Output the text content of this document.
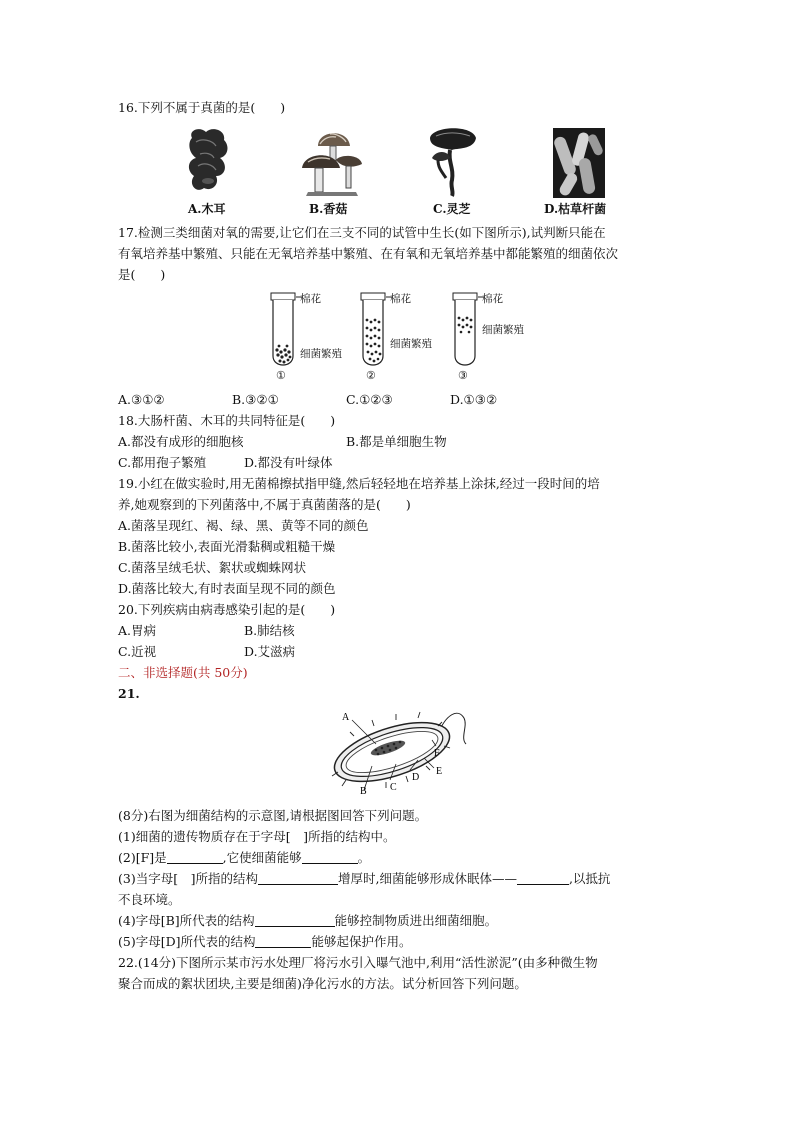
16.下列不属于真菌的是(　　)
A.木耳	B.香菇	C.灵芝	D.枯草杆菌
17.检测三类细菌对氧的需要,让它们在三支不同的试管中生长(如下图所示),试判断只能在
有氧培养基中繁殖、只能在无氧培养基中繁殖、在有氧和无氧培养基中都能繁殖的细菌依次
是(　　)
棉花
细菌繁殖
①
棉花
细菌繁殖
②
棉花
细菌繁殖
③
A.③①②	B.③②①	C.①②③	D.①③②
18.大肠杆菌、木耳的共同特征是(　　)
A.都没有成形的细胞核	B.都是单细胞生物
C.都用孢子繁殖	D.都没有叶绿体
19.小红在做实验时,用无菌棉擦拭指甲缝,然后轻轻地在培养基上涂抹,经过一段时间的培
养,她观察到的下列菌落中,不属于真菌菌落的是(　　)
A.菌落呈现红、褐、绿、黑、黄等不同的颜色
B.菌落比较小,表面光滑黏稠或粗糙干燥
C.菌落呈绒毛状、絮状或蜘蛛网状
D.菌落比较大,有时表面呈现不同的颜色
20.下列疾病由病毒感染引起的是(　　)
A.胃病	B.肺结核
C.近视	D.艾滋病
二、非选择题(共 50分)
21.
A
B C
D
E
F
(8分)右图为细菌结构的示意图,请根据图回答下列问题。
(1)细菌的遗传物质存在于字母[　]所指的结构中。
(2)[F]是	,它使细菌能够	。
(3)当字母[　]所指的结构	增厚时,细菌能够形成休眠体——	,以抵抗
不良环境。
(4)字母[B]所代表的结构	能够控制物质进出细菌细胞。
(5)字母[D]所代表的结构	能够起保护作用。
22.(14分)下图所示某市污水处理厂将污水引入曝气池中,利用“活性淤泥”(由多种微生物
聚合而成的絮状团块,主要是细菌)净化污水的方法。试分析回答下列问题。
